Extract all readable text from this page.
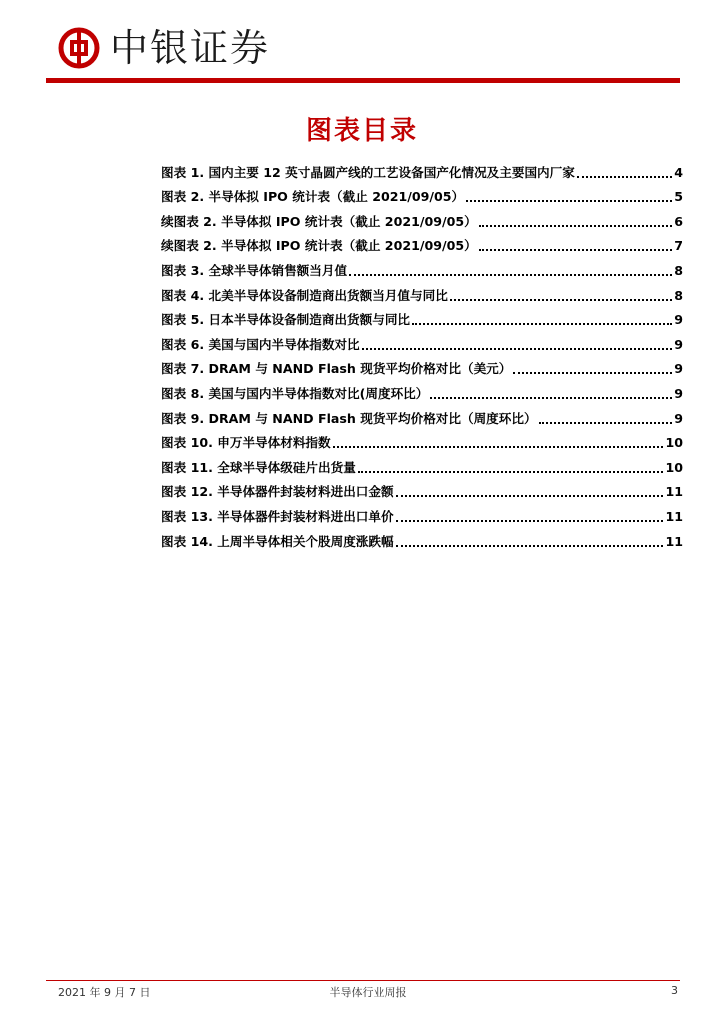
中银证券
图表目录
图表 1. 国内主要 12 英寸晶圆产线的工艺设备国产化情况及主要国内厂家	4
图表 2. 半导体拟 IPO 统计表（截止 2021/09/05）	5
续图表 2. 半导体拟 IPO 统计表（截止 2021/09/05）	6
续图表 2. 半导体拟 IPO 统计表（截止 2021/09/05）	7
图表 3. 全球半导体销售额当月值	8
图表 4. 北美半导体设备制造商出货额当月值与同比	8
图表 5. 日本半导体设备制造商出货额与同比	9
图表 6. 美国与国内半导体指数对比	9
图表 7. DRAM 与 NAND Flash 现货平均价格对比（美元）	9
图表 8. 美国与国内半导体指数对比(周度环比）	9
图表 9. DRAM 与 NAND Flash 现货平均价格对比（周度环比）	9
图表 10. 申万半导体材料指数	10
图表 11. 全球半导体级硅片出货量	10
图表 12. 半导体器件封装材料进出口金额	11
图表 13. 半导体器件封装材料进出口单价	11
图表 14. 上周半导体相关个股周度涨跌幅	11
2021 年 9 月 7 日	半导体行业周报	3
